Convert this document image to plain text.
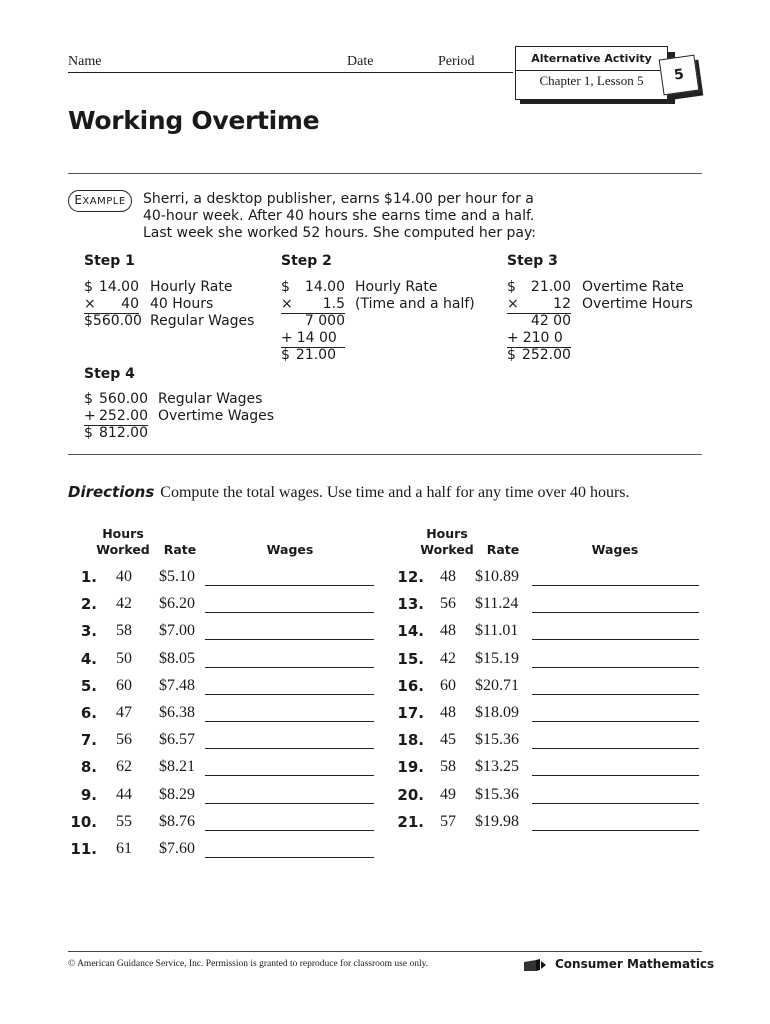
Name	Date	Period	Alternative Activity
Chapter 1, Lesson 5	5
Working Overtime
EXAMPLE	Sherri, a desktop publisher, earns $14.00 per hour for a
40-hour week. After 40 hours she earns time and a half.
Last week she worked 52 hours. She computed her pay:
Step 1
$ 14.00 Hourly Rate
× 40 40 Hours
$560.00 Regular Wages
Step 2
$ 14.00 Hourly Rate
× 1.5 (Time and a half)
7 000
+ 14 00
$ 21.00
Step 3
$ 21.00 Overtime Rate
× 12 Overtime Hours
42 00
+ 210 0
$ 252.00
Step 4
$ 560.00 Regular Wages
+ 252.00 Overtime Wages
$ 812.00
Directions Compute the total wages. Use time and a half for any time over 40 hours.
Hours
Worked	Rate	Wages
Hours
Worked	Rate	Wages
1. 40 $5.10
2. 42 $6.20
3. 58 $7.00
4. 50 $8.05
5. 60 $7.48
6. 47 $6.38
7. 56 $6.57
8. 62 $8.21
9. 44 $8.29
10. 55 $8.76
11. 61 $7.60
12. 48 $10.89
13. 56 $11.24
14. 48 $11.01
15. 42 $15.19
16. 60 $20.71
17. 48 $18.09
18. 45 $15.36
19. 58 $13.25
20. 49 $15.36
21. 57 $19.98
© American Guidance Service, Inc. Permission is granted to reproduce for classroom use only.	Consumer Mathematics
